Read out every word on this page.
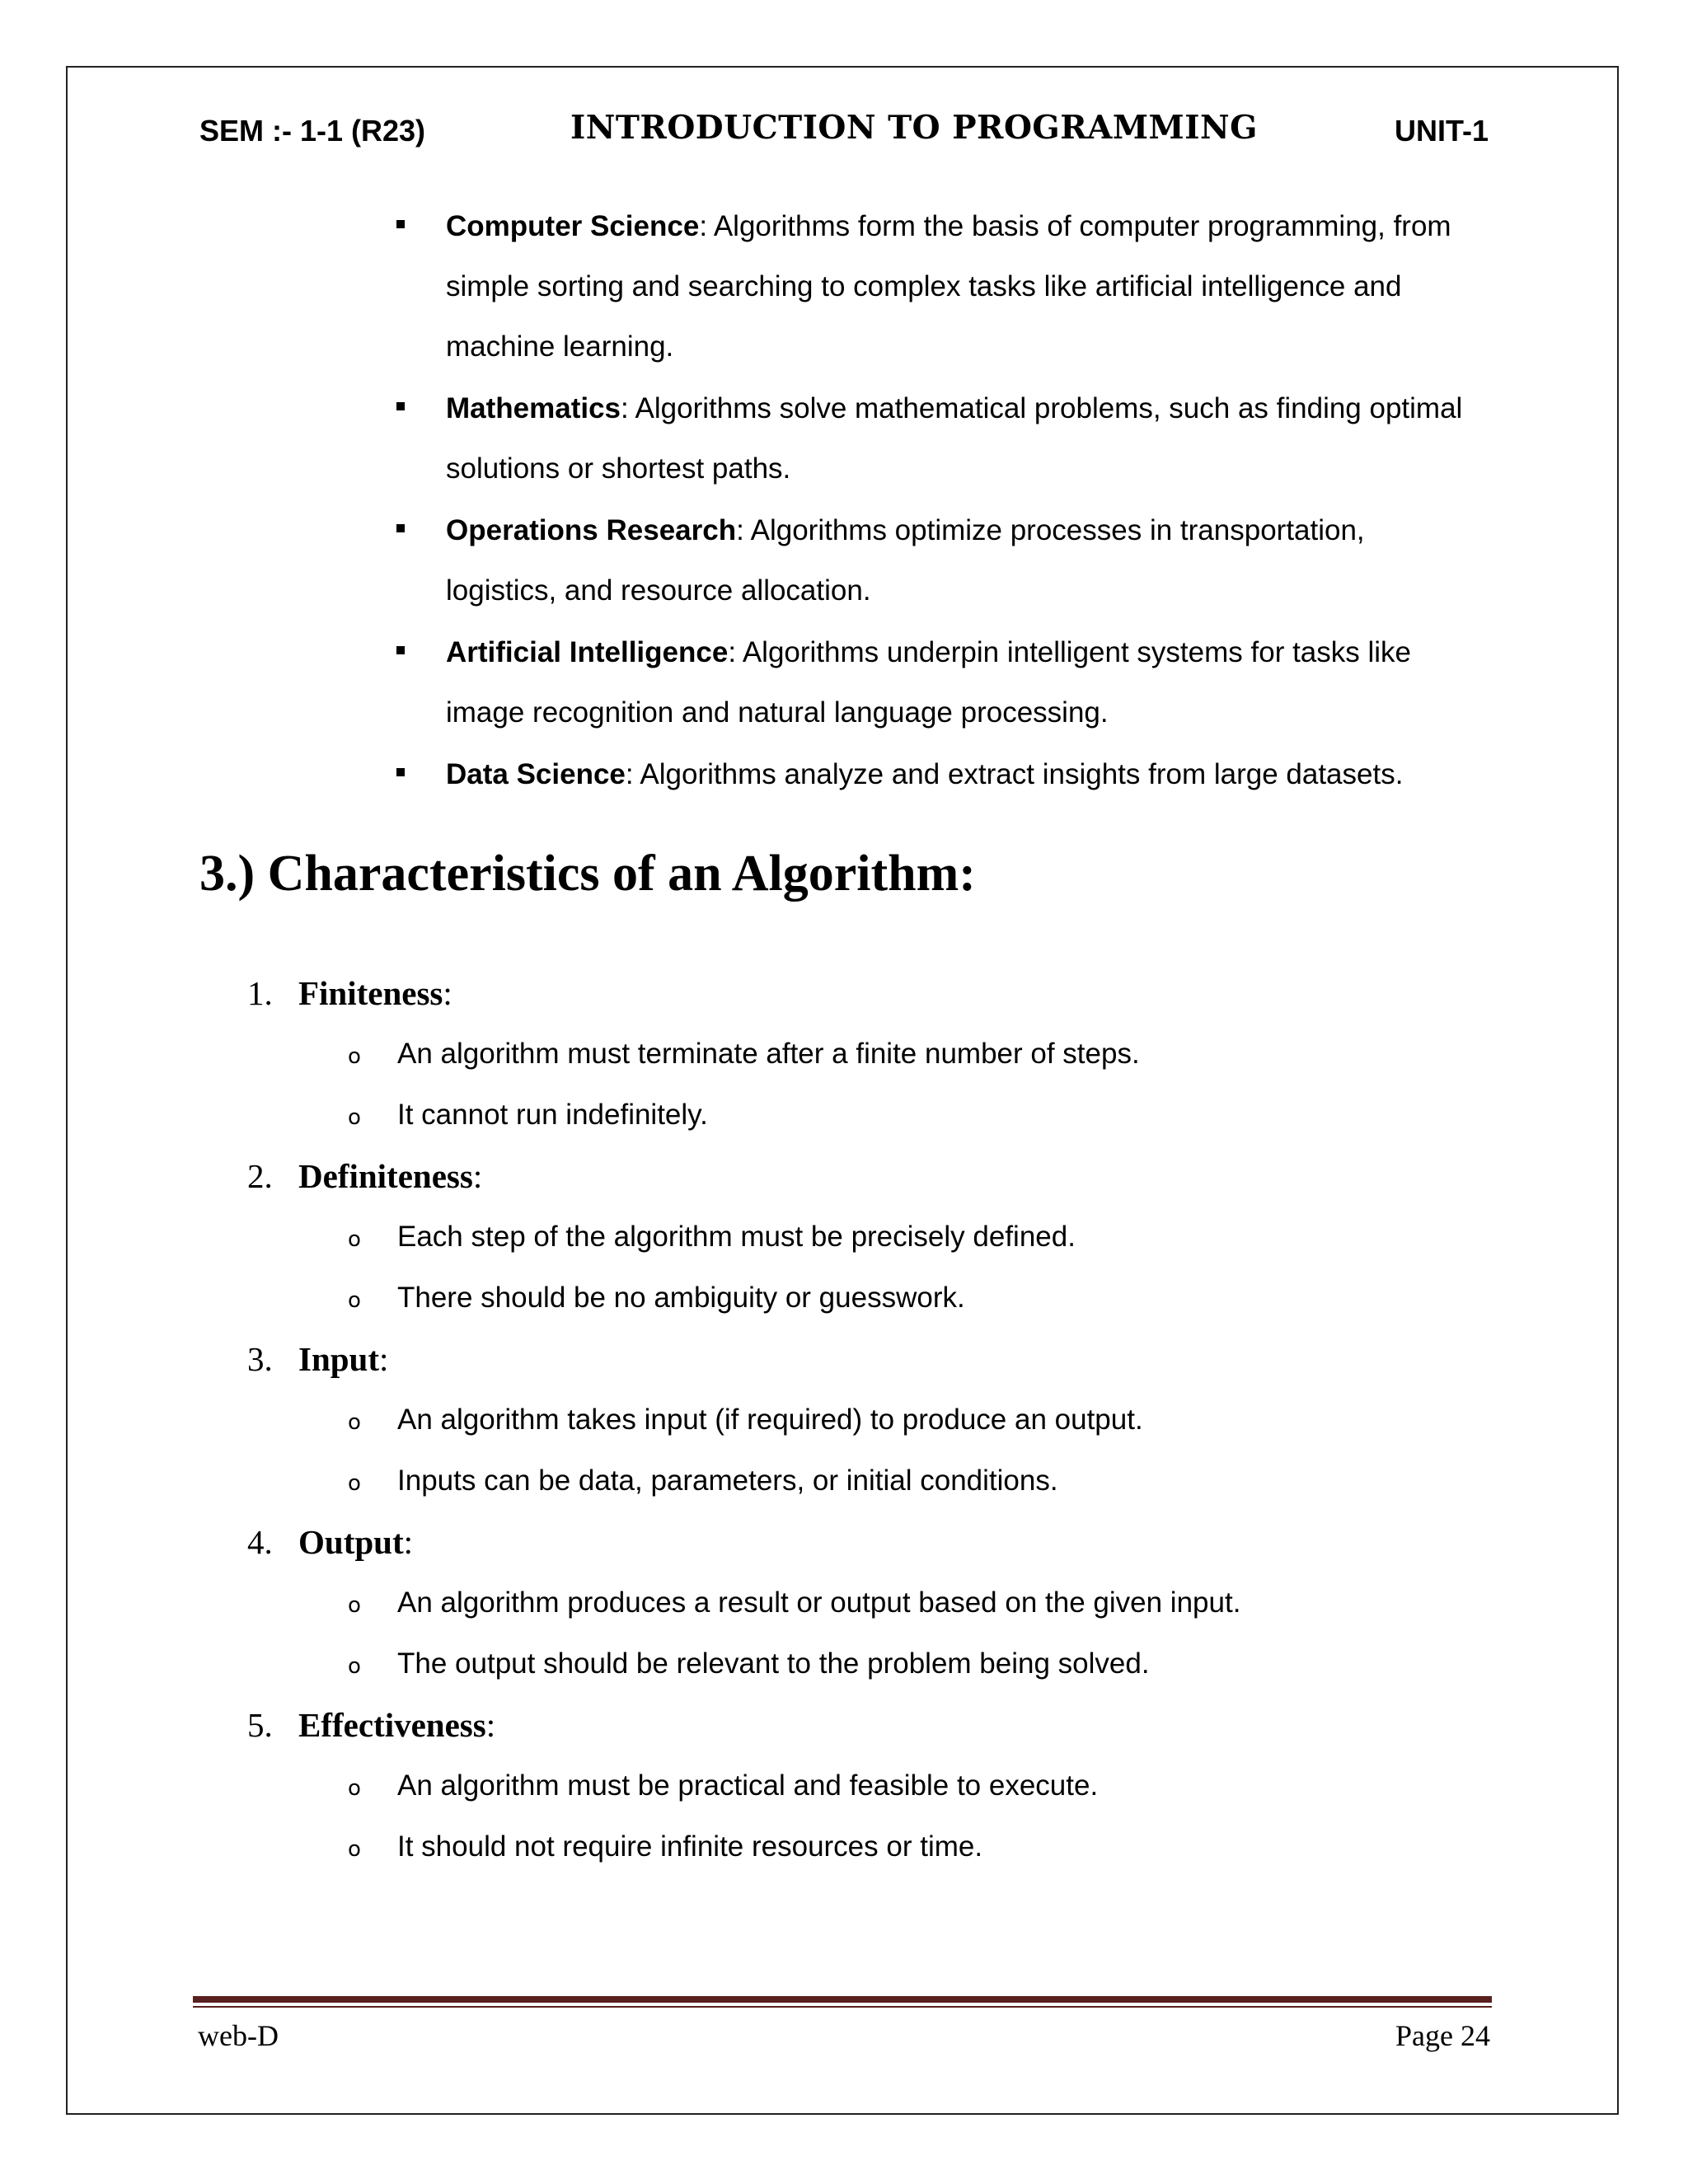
SEM :- 1-1 (R23)	INTRODUCTION TO PROGRAMMING	UNIT-1
Computer Science: Algorithms form the basis of computer programming, from simple sorting and searching to complex tasks like artificial intelligence and machine learning.
Mathematics: Algorithms solve mathematical problems, such as finding optimal solutions or shortest paths.
Operations Research: Algorithms optimize processes in transportation, logistics, and resource allocation.
Artificial Intelligence: Algorithms underpin intelligent systems for tasks like image recognition and natural language processing.
Data Science: Algorithms analyze and extract insights from large datasets.
3.) Characteristics of an Algorithm:
1. Finiteness:
o An algorithm must terminate after a finite number of steps.
o It cannot run indefinitely.
2. Definiteness:
o Each step of the algorithm must be precisely defined.
o There should be no ambiguity or guesswork.
3. Input:
o An algorithm takes input (if required) to produce an output.
o Inputs can be data, parameters, or initial conditions.
4. Output:
o An algorithm produces a result or output based on the given input.
o The output should be relevant to the problem being solved.
5. Effectiveness:
o An algorithm must be practical and feasible to execute.
o It should not require infinite resources or time.
web-D	Page 24
